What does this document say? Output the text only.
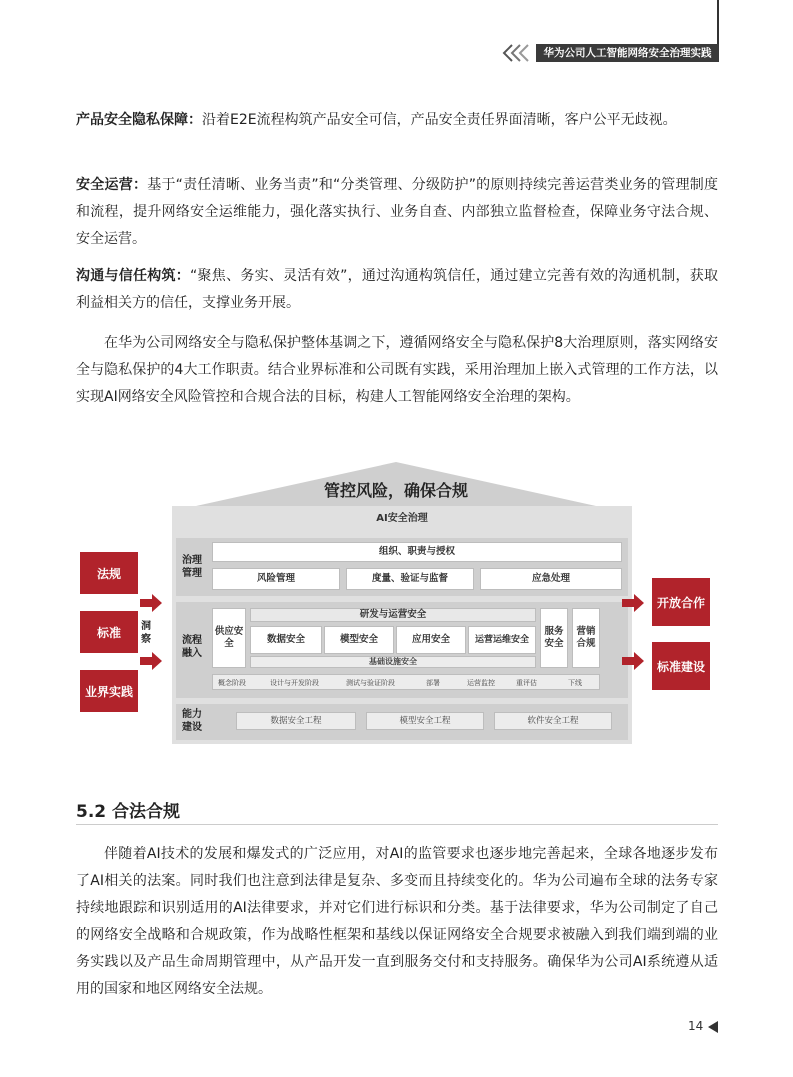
华为公司人工智能网络安全治理实践
产品安全隐私保障：沿着E2E流程构筑产品安全可信，产品安全责任界面清晰，客户公平无歧视。
安全运营：基于“责任清晰、业务当责”和“分类管理、分级防护”的原则持续完善运营类业务的管理制度和流程，提升网络安全运维能力，强化落实执行、业务自查、内部独立监督检查，保障业务守法合规、安全运营。
沟通与信任构筑：“聚焦、务实、灵活有效”，通过沟通构筑信任，通过建立完善有效的沟通机制，获取利益相关方的信任，支撑业务开展。
在华为公司网络安全与隐私保护整体基调之下，遵循网络安全与隐私保护8大治理原则，落实网络安全与隐私保护的4大工作职责。结合业界标准和公司既有实践，采用治理加上嵌入式管理的工作方法，以实现AI网络安全风险管控和合规合法的目标，构建人工智能网络安全治理的架构。
管控风险，确保合规
AI安全治理
治理管理
组织、职责与授权
风险管理	度量、验证与监督	应急处理
流程融入
供应安全
研发与运营安全
数据安全	模型安全	应用安全	运营运维安全
基础设施安全
服务安全
营销合规
概念阶段	设计与开发阶段	测试与验证阶段	部署	运营监控	重评估	下线
能力建设
数据安全工程	模型安全工程	软件安全工程
法规
标准
业界实践
洞察
开放合作
标准建设
5.2 合法合规
伴随着AI技术的发展和爆发式的广泛应用，对AI的监管要求也逐步地完善起来，全球各地逐步发布了AI相关的法案。同时我们也注意到法律是复杂、多变而且持续变化的。华为公司遍布全球的法务专家持续地跟踪和识别适用的AI法律要求，并对它们进行标识和分类。基于法律要求，华为公司制定了自己的网络安全战略和合规政策，作为战略性框架和基线以保证网络安全合规要求被融入到我们端到端的业务实践以及产品生命周期管理中，从产品开发一直到服务交付和支持服务。确保华为公司AI系统遵从适用的国家和地区网络安全法规。
14
